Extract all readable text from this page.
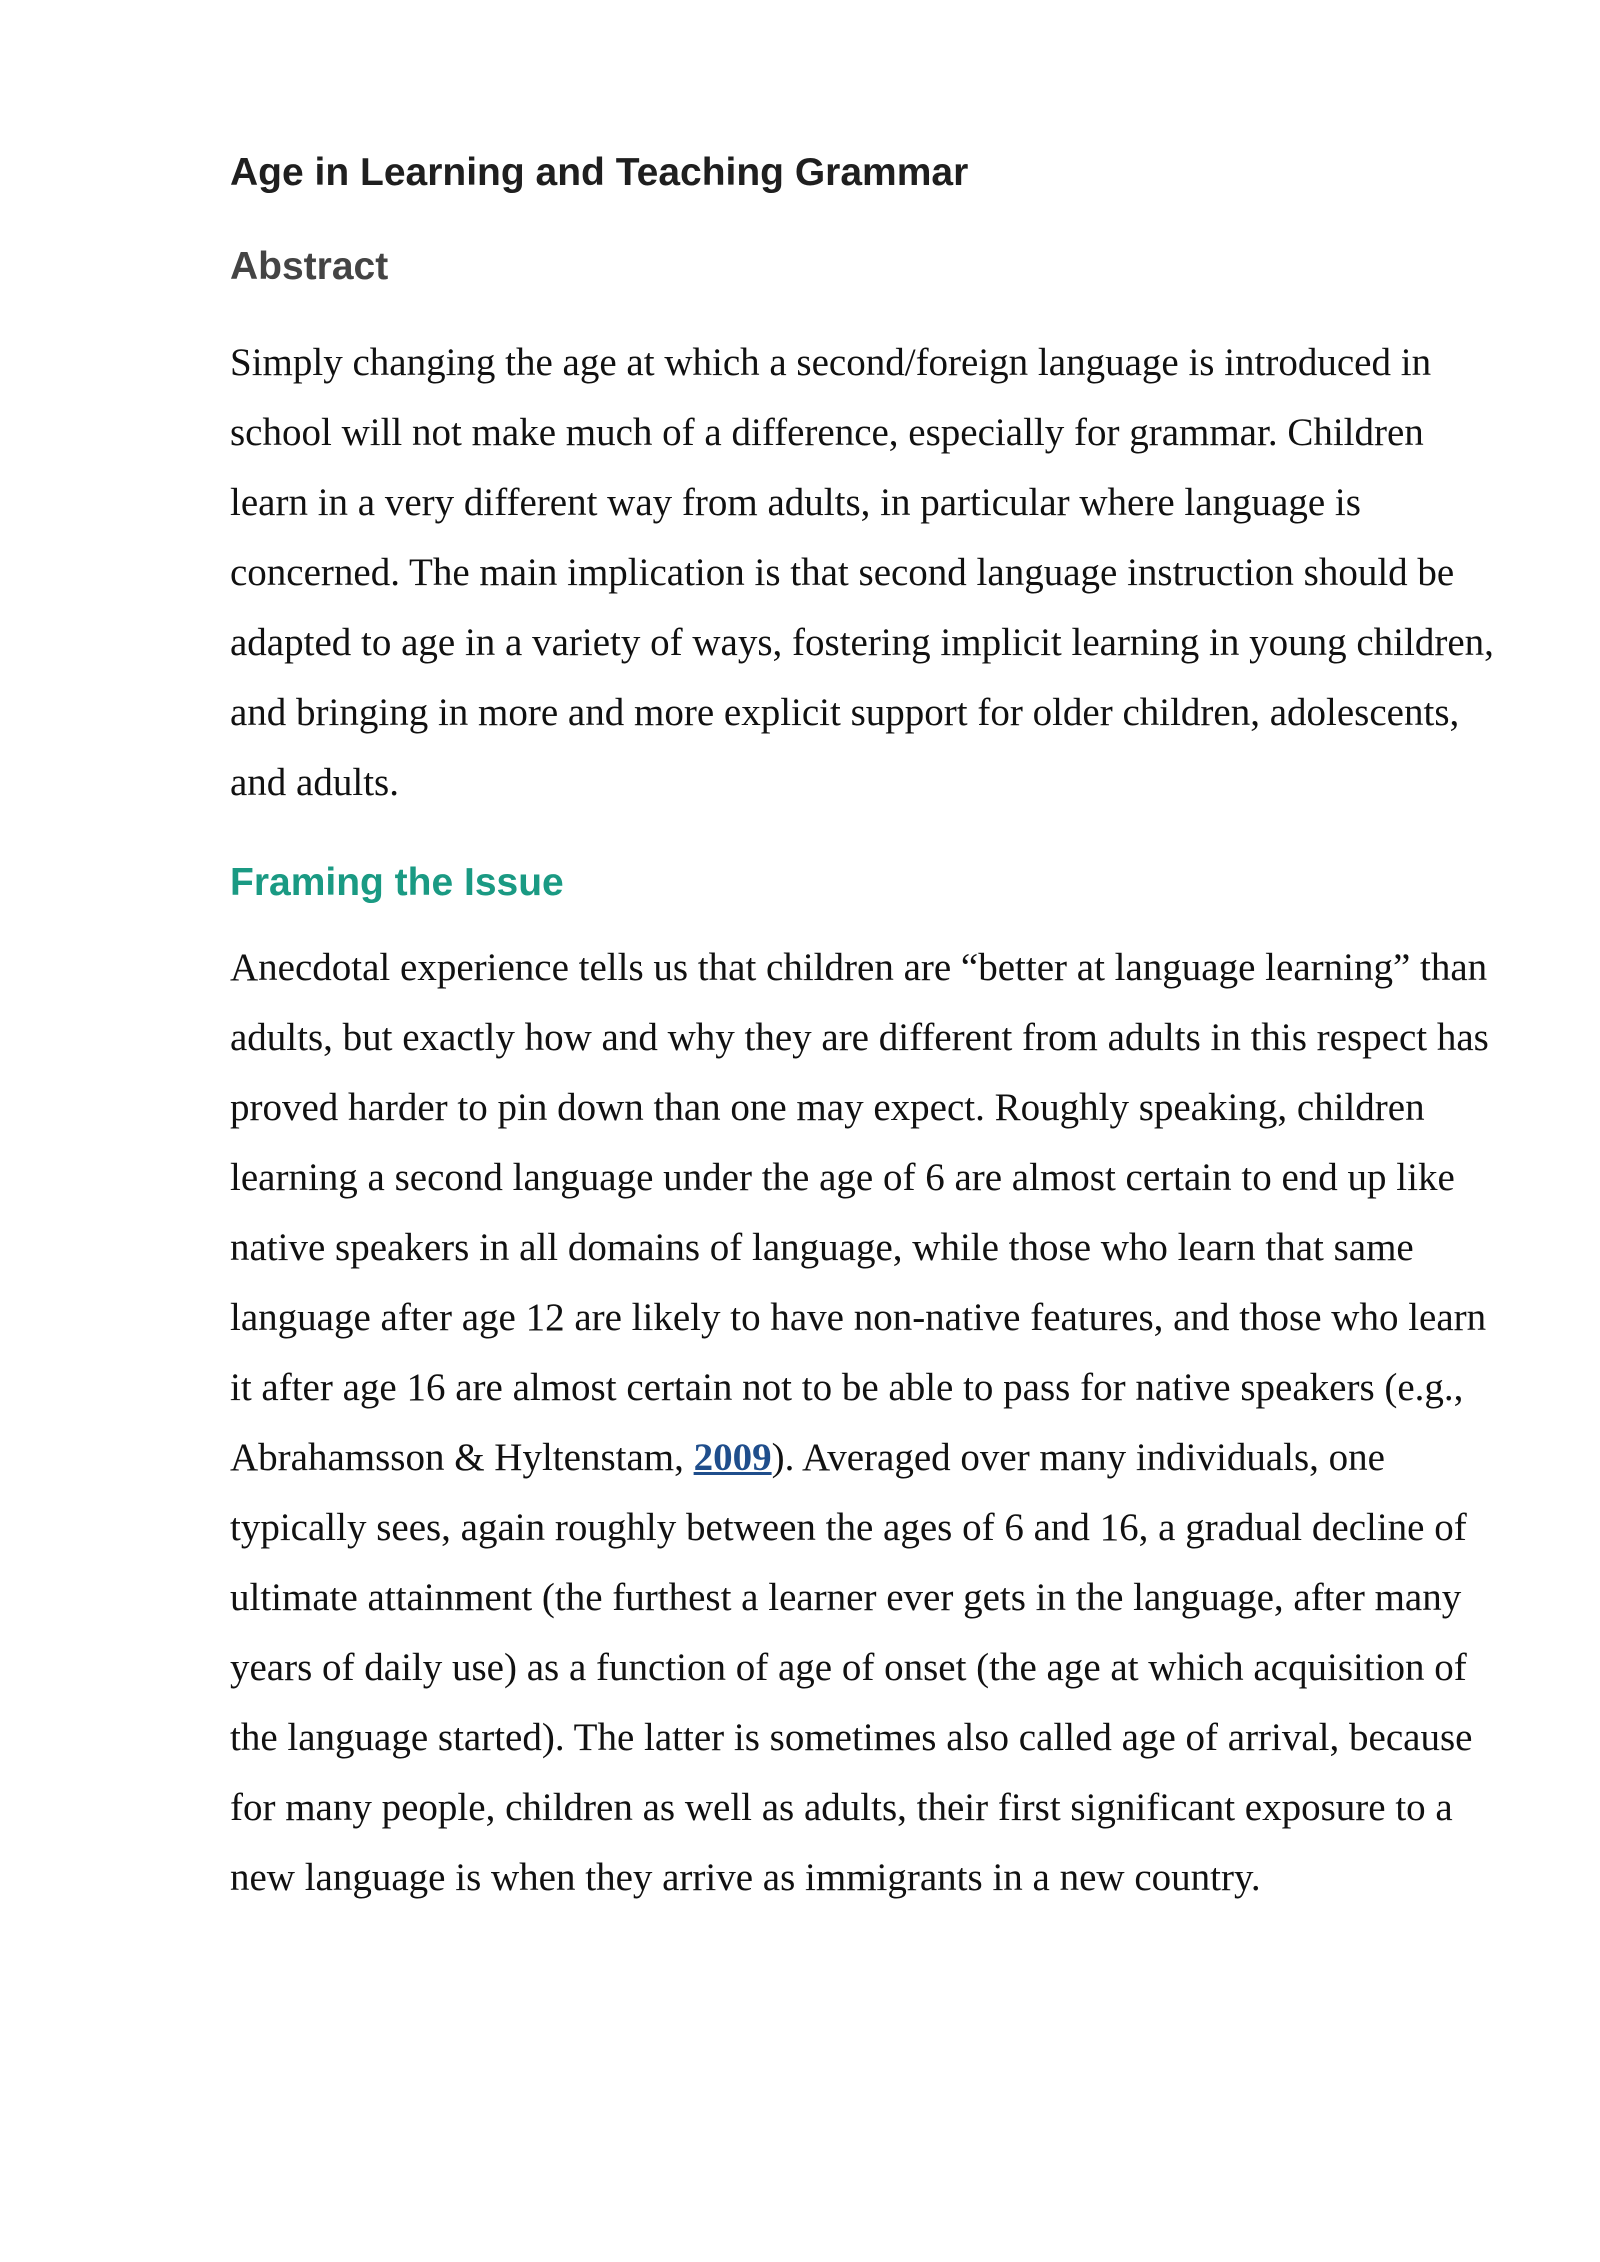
Age in Learning and Teaching Grammar
Abstract

Simply changing the age at which a second/foreign language is introduced in school will not make much of a difference, especially for grammar. Children learn in a very different way from adults, in particular where language is concerned. The main implication is that second language instruction should be adapted to age in a variety of ways, fostering implicit learning in young children, and bringing in more and more explicit support for older children, adolescents, and adults.

Framing the Issue

Anecdotal experience tells us that children are “better at language learning” than adults, but exactly how and why they are different from adults in this respect has proved harder to pin down than one may expect. Roughly speaking, children learning a second language under the age of 6 are almost certain to end up like native speakers in all domains of language, while those who learn that same language after age 12 are likely to have non-native features, and those who learn it after age 16 are almost certain not to be able to pass for native speakers (e.g., Abrahamsson & Hyltenstam, 2009). Averaged over many individuals, one typically sees, again roughly between the ages of 6 and 16, a gradual decline of ultimate attainment (the furthest a learner ever gets in the language, after many years of daily use) as a function of age of onset (the age at which acquisition of the language started). The latter is sometimes also called age of arrival, because for many people, children as well as adults, their first significant exposure to a new language is when they arrive as immigrants in a new country.
